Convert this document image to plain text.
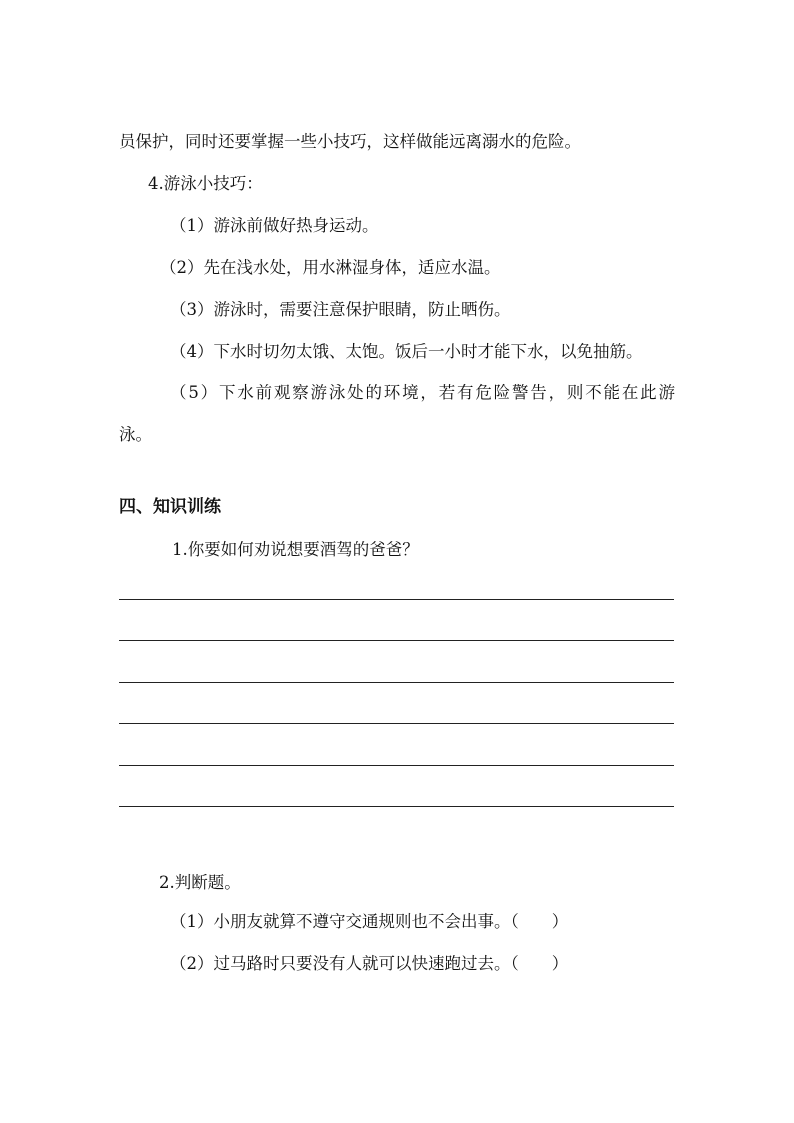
员保护，同时还要掌握一些小技巧，这样做能远离溺水的危险。
4.游泳小技巧：
（1）游泳前做好热身运动。
（2）先在浅水处，用水淋湿身体，适应水温。
（3）游泳时，需要注意保护眼睛，防止晒伤。
（4）下水时切勿太饿、太饱。饭后一小时才能下水，以免抽筋。
（5）下水前观察游泳处的环境，若有危险警告，则不能在此游
泳。
四、知识训练
1.你要如何劝说想要酒驾的爸爸？
2.判断题。
（1）小朋友就算不遵守交通规则也不会出事。（　　）
（2）过马路时只要没有人就可以快速跑过去。（　　）
